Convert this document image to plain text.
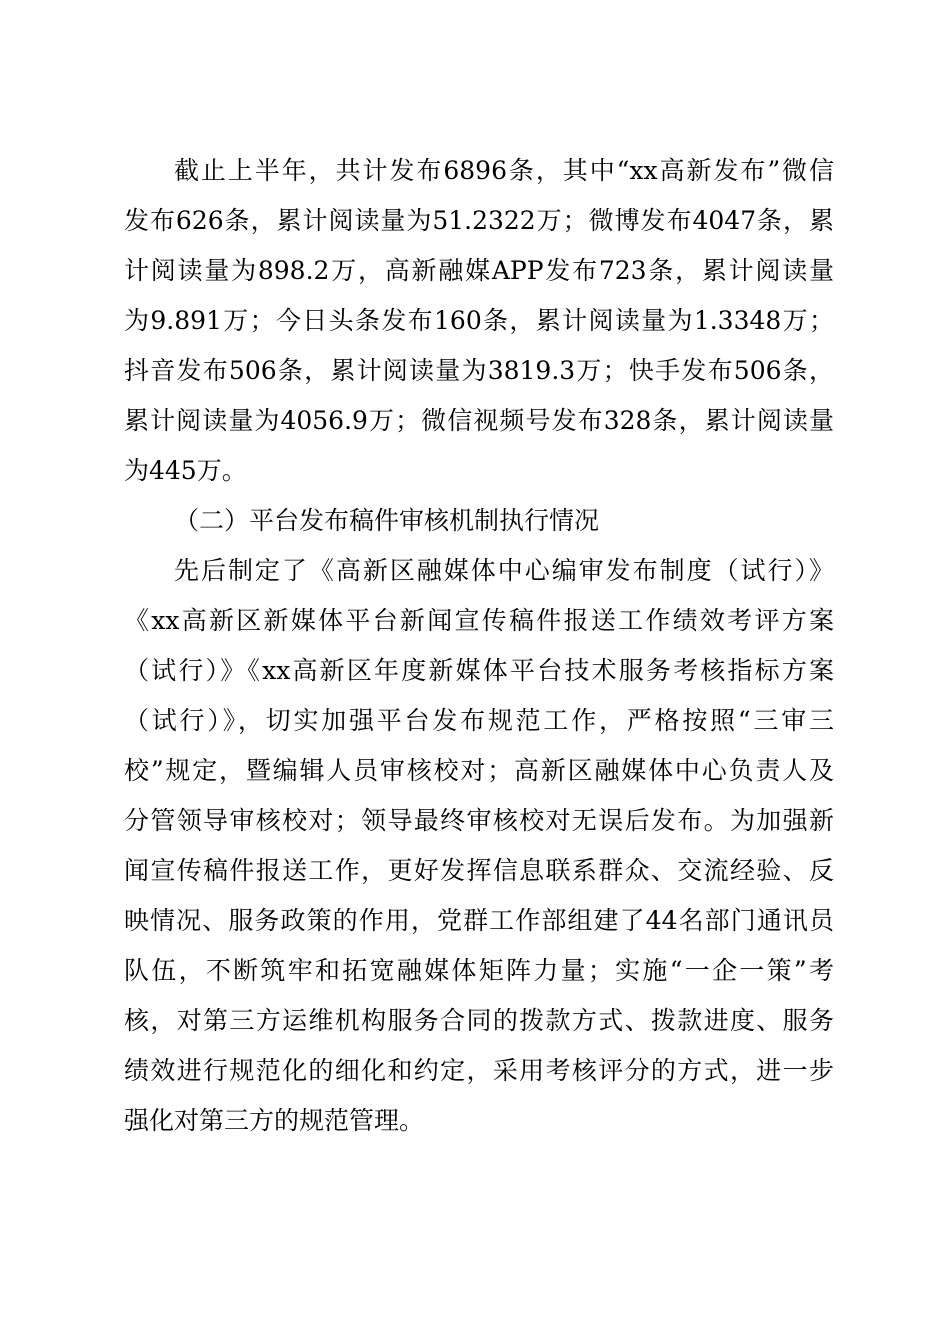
截止上半年，共计发布6896条，其中“xx高新发布”微信
发布626条，累计阅读量为51.2322万；微博发布4047条，累
计阅读量为898.2万，高新融媒APP发布723条，累计阅读量
为9.891万；今日头条发布160条，累计阅读量为1.3348万；
抖音发布506条，累计阅读量为3819.3万；快手发布506条，
累计阅读量为4056.9万；微信视频号发布328条，累计阅读量
为445万。
（二）平台发布稿件审核机制执行情况
先后制定了《高新区融媒体中心编审发布制度（试行）》
《xx高新区新媒体平台新闻宣传稿件报送工作绩效考评方案
（试行）》《xx高新区年度新媒体平台技术服务考核指标方案
（试行）》，切实加强平台发布规范工作，严格按照“三审三
校”规定，暨编辑人员审核校对；高新区融媒体中心负责人及
分管领导审核校对；领导最终审核校对无误后发布。为加强新
闻宣传稿件报送工作，更好发挥信息联系群众、交流经验、反
映情况、服务政策的作用，党群工作部组建了44名部门通讯员
队伍，不断筑牢和拓宽融媒体矩阵力量；实施“一企一策”考
核，对第三方运维机构服务合同的拨款方式、拨款进度、服务
绩效进行规范化的细化和约定，采用考核评分的方式，进一步
强化对第三方的规范管理。
